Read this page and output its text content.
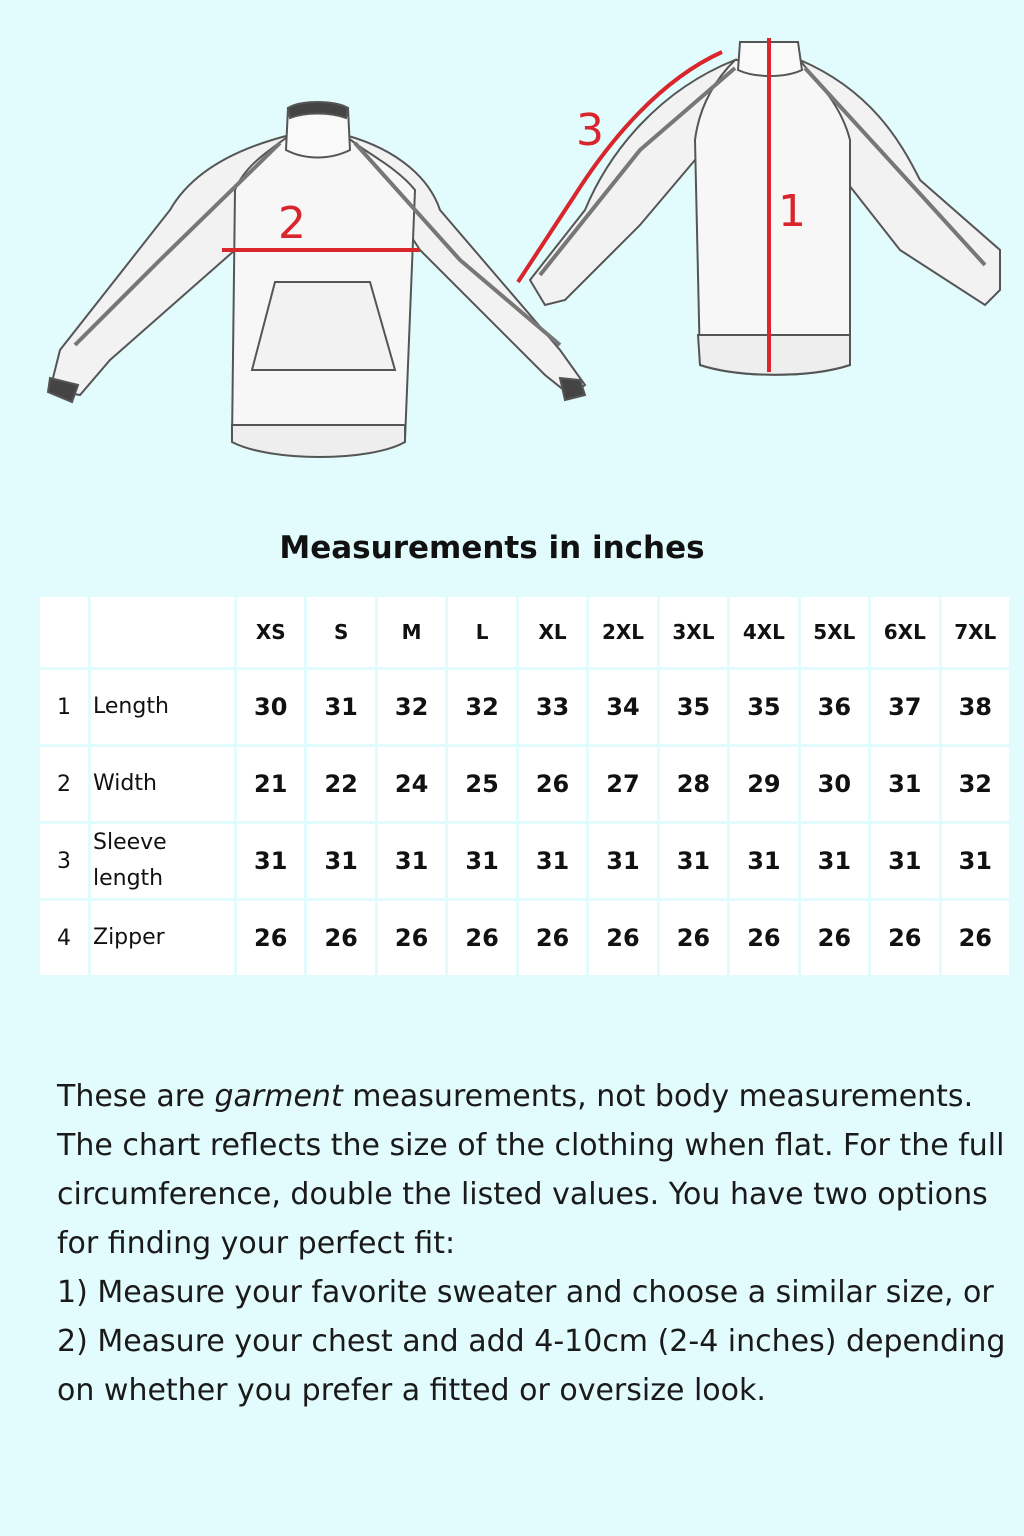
1
2
3
Measurements in inches
		XS	S	M	L	XL	2XL	3XL	4XL	5XL	6XL	7XL
1	Length	30	31	32	32	33	34	35	35	36	37	38
2	Width	21	22	24	25	26	27	28	29	30	31	32
3	Sleeve length	31	31	31	31	31	31	31	31	31	31	31
4	Zipper	26	26	26	26	26	26	26	26	26	26	26

These are garment measurements, not body measurements. The chart reflects the size of the clothing when flat. For the full circumference, double the listed values. You have two options for finding your perfect fit:

1) Measure your favorite sweater and choose a similar size, or

2) Measure your chest and add 4-10cm (2-4 inches) depending on whether you prefer a fitted or oversize look.
